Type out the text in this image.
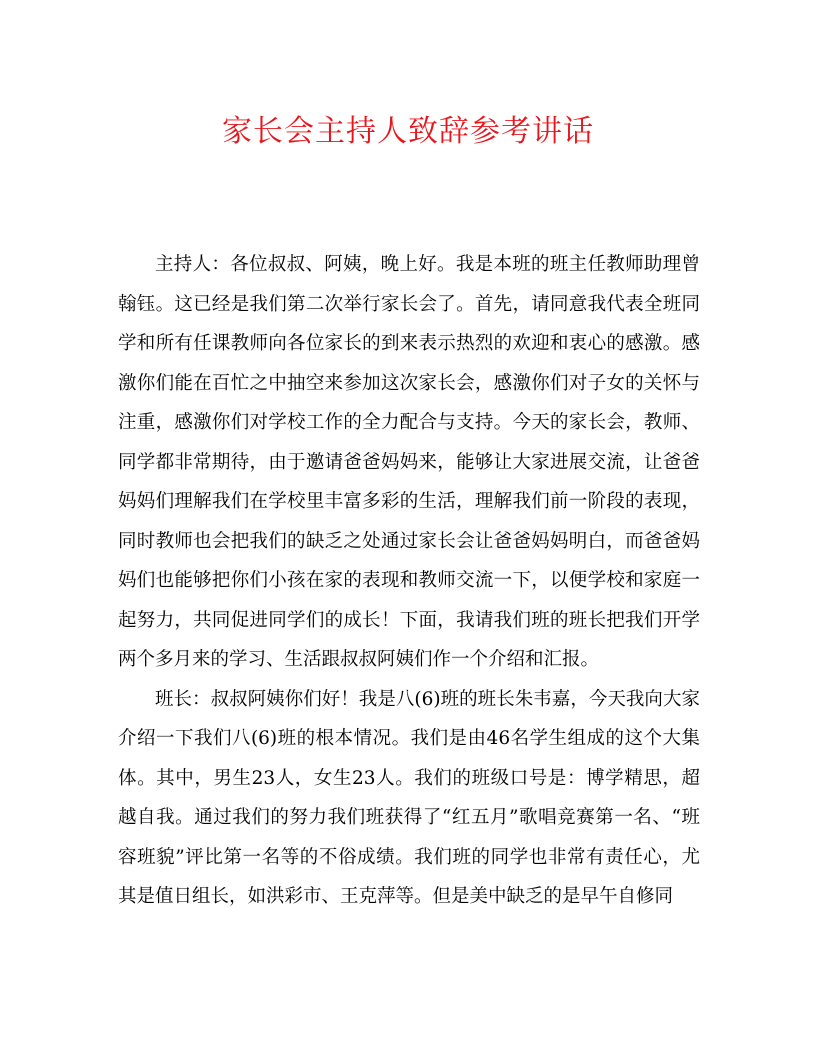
家长会主持人致辞参考讲话

主持人：各位叔叔、阿姨，晚上好。我是本班的班主任教师助理曾翰钰。这已经是我们第二次举行家长会了。首先，请同意我代表全班同学和所有任课教师向各位家长的到来表示热烈的欢迎和衷心的感激。感激你们能在百忙之中抽空来参加这次家长会，感激你们对子女的关怀与注重，感激你们对学校工作的全力配合与支持。今天的家长会，教师、同学都非常期待，由于邀请爸爸妈妈来，能够让大家进展交流，让爸爸妈妈们理解我们在学校里丰富多彩的生活，理解我们前一阶段的表现，同时教师也会把我们的缺乏之处通过家长会让爸爸妈妈明白，而爸爸妈妈们也能够把你们小孩在家的表现和教师交流一下，以便学校和家庭一起努力，共同促进同学们的成长！下面，我请我们班的班长把我们开学两个多月来的学习、生活跟叔叔阿姨们作一个介绍和汇报。

班长：叔叔阿姨你们好！我是八(6)班的班长朱韦嘉，今天我向大家介绍一下我们八(6)班的根本情况。我们是由46名学生组成的这个大集体。其中，男生23人，女生23人。我们的班级口号是：博学精思，超越自我。通过我们的努力我们班获得了“红五月”歌唱竞赛第一名、“班容班貌”评比第一名等的不俗成绩。我们班的同学也非常有责任心，尤其是值日组长，如洪彩市、王克萍等。但是美中缺乏的是早午自修同
